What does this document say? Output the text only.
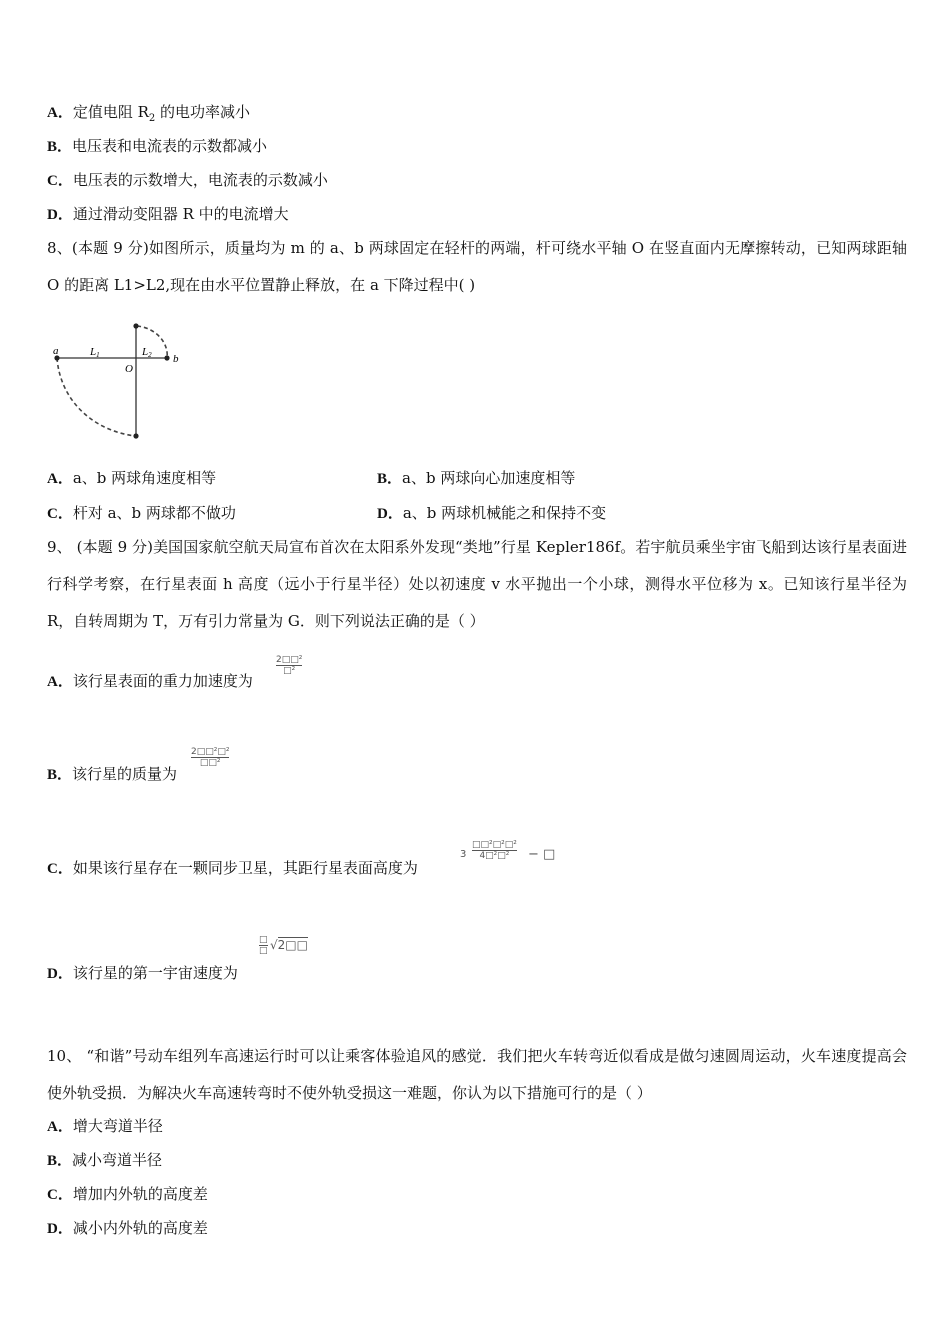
A．定值电阻 $R_2$ 的电功率减小
B．电压表和电流表的示数都减小
C．电压表的示数增大，电流表的示数减小
D．通过滑动变阻器 R 中的电流增大
8、(本题 9 分)如图所示，质量均为 m 的 a、b 两球固定在轻杆的两端，杆可绕水平轴 O 在竖直面内无摩擦转动，已知两球距轴 O 的距离 L1>L2,现在由水平位置静止释放，在 a 下降过程中( )
a
b
O
L1	L2
A．a、b 两球角速度相等	B．a、b 两球向心加速度相等
C．杆对 a、b 两球都不做功	D．a、b 两球机械能之和保持不变
9、 (本题 9 分)美国国家航空航天局宣布首次在太阳系外发现“类地”行星 Kepler186f。若宇航员乘坐宇宙飞船到达该行星表面进行科学考察，在行星表面 h 高度（远小于行星半径）处以初速度 v 水平抛出一个小球，测得水平位移为 x。已知该行星半径为 R，自转周期为 T，万有引力常量为 G．则下列说法正确的是（ ）
A．该行星表面的重力加速度为
2□□²
□²
B．该行星的质量为
2□□²□²
□□²
C．如果该行星存在一颗同步卫星，其距行星表面高度为
3
□□²□²□²
4□²□²	− □
D．该行星的第一宇宙速度为
□
□ √2□□
10、 “和谐”号动车组列车高速运行时可以让乘客体验追风的感觉．我们把火车转弯近似看成是做匀速圆周运动，火车速度提高会使外轨受损．为解决火车高速转弯时不使外轨受损这一难题，你认为以下措施可行的是（ ）
A．增大弯道半径
B．减小弯道半径
C．增加内外轨的高度差
D．减小内外轨的高度差
